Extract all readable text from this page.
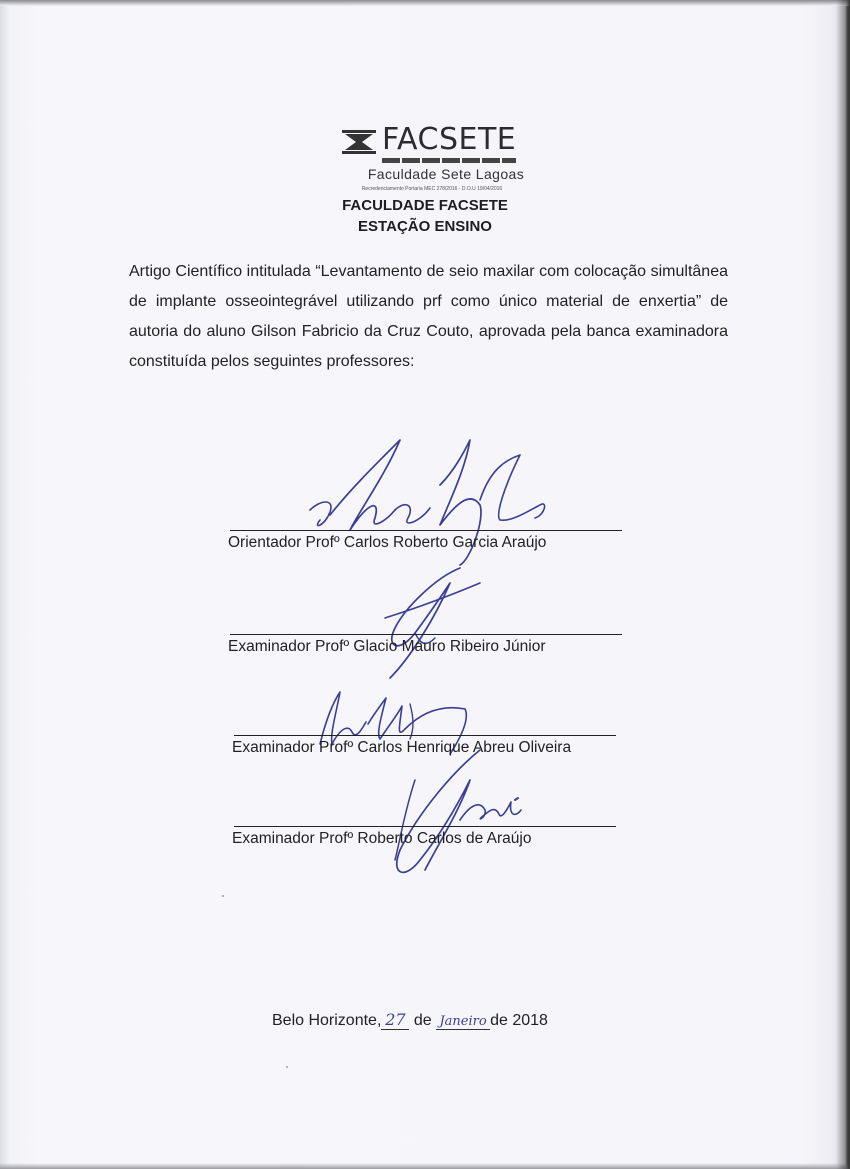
FACSETE
Faculdade Sete Lagoas
Recredenciamento Portaria MEC 278/2016 - D.O.U 19/04/2016
FACULDADE FACSETE
ESTAÇÃO ENSINO
Artigo Científico intitulada “Levantamento de seio maxilar com colocação simultânea de implante osseointegrável utilizando prf como único material de enxertia” de autoria do aluno Gilson Fabricio da Cruz Couto, aprovada pela banca examinadora constituída pelos seguintes professores:
Orientador Profº Carlos Roberto Garcia Araújo
Examinador Profº Glacio Mauro Ribeiro Júnior
Examinador Profº Carlos Henrique Abreu Oliveira
Examinador Profº Roberto Carlos de Araújo
Belo Horizonte, 27 de Janeiro de 2018
